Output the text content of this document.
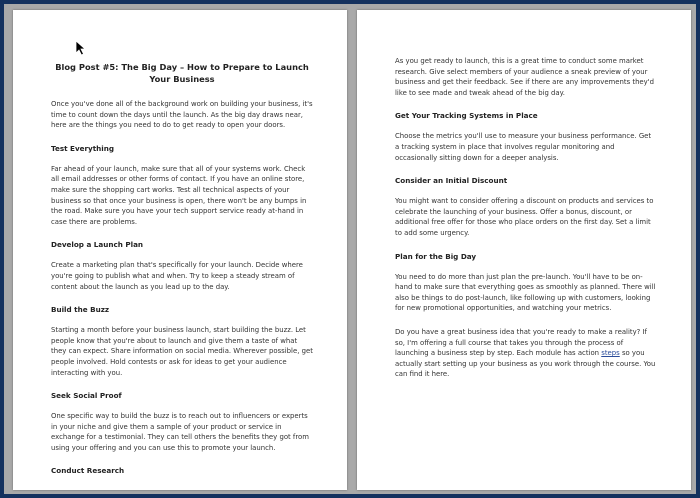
Blog Post #5: The Big Day – How to Prepare to Launch Your Business

Once you've done all of the background work on building your business, it's time to count down the days until the launch. As the big day draws near, here are the things you need to do to get ready to open your doors.

Test Everything

Far ahead of your launch, make sure that all of your systems work. Check all email addresses or other forms of contact. If you have an online store, make sure the shopping cart works. Test all technical aspects of your business so that once your business is open, there won't be any bumps in the road. Make sure you have your tech support service ready at-hand in case there are problems.

Develop a Launch Plan

Create a marketing plan that's specifically for your launch. Decide where you're going to publish what and when. Try to keep a steady stream of content about the launch as you lead up to the day.

Build the Buzz

Starting a month before your business launch, start building the buzz. Let people know that you're about to launch and give them a taste of what they can expect. Share information on social media. Wherever possible, get people involved. Hold contests or ask for ideas to get your audience interacting with you.

Seek Social Proof

One specific way to build the buzz is to reach out to influencers or experts in your niche and give them a sample of your product or service in exchange for a testimonial. They can tell others the benefits they got from using your offering and you can use this to promote your launch.

Conduct Research

As you get ready to launch, this is a great time to conduct some market research. Give select members of your audience a sneak preview of your business and get their feedback. See if there are any improvements they'd like to see made and tweak ahead of the big day.

Get Your Tracking Systems in Place

Choose the metrics you'll use to measure your business performance. Get a tracking system in place that involves regular monitoring and occasionally sitting down for a deeper analysis.

Consider an Initial Discount

You might want to consider offering a discount on products and services to celebrate the launching of your business. Offer a bonus, discount, or additional free offer for those who place orders on the first day. Set a limit to add some urgency.

Plan for the Big Day

You need to do more than just plan the pre-launch. You'll have to be on-hand to make sure that everything goes as smoothly as planned. There will also be things to do post-launch, like following up with customers, looking for new promotional opportunities, and watching your metrics.

Do you have a great business idea that you're ready to make a reality? If so, I'm offering a full course that takes you through the process of launching a business step by step. Each module has action steps so you actually start setting up your business as you work through the course. You can find it here.
